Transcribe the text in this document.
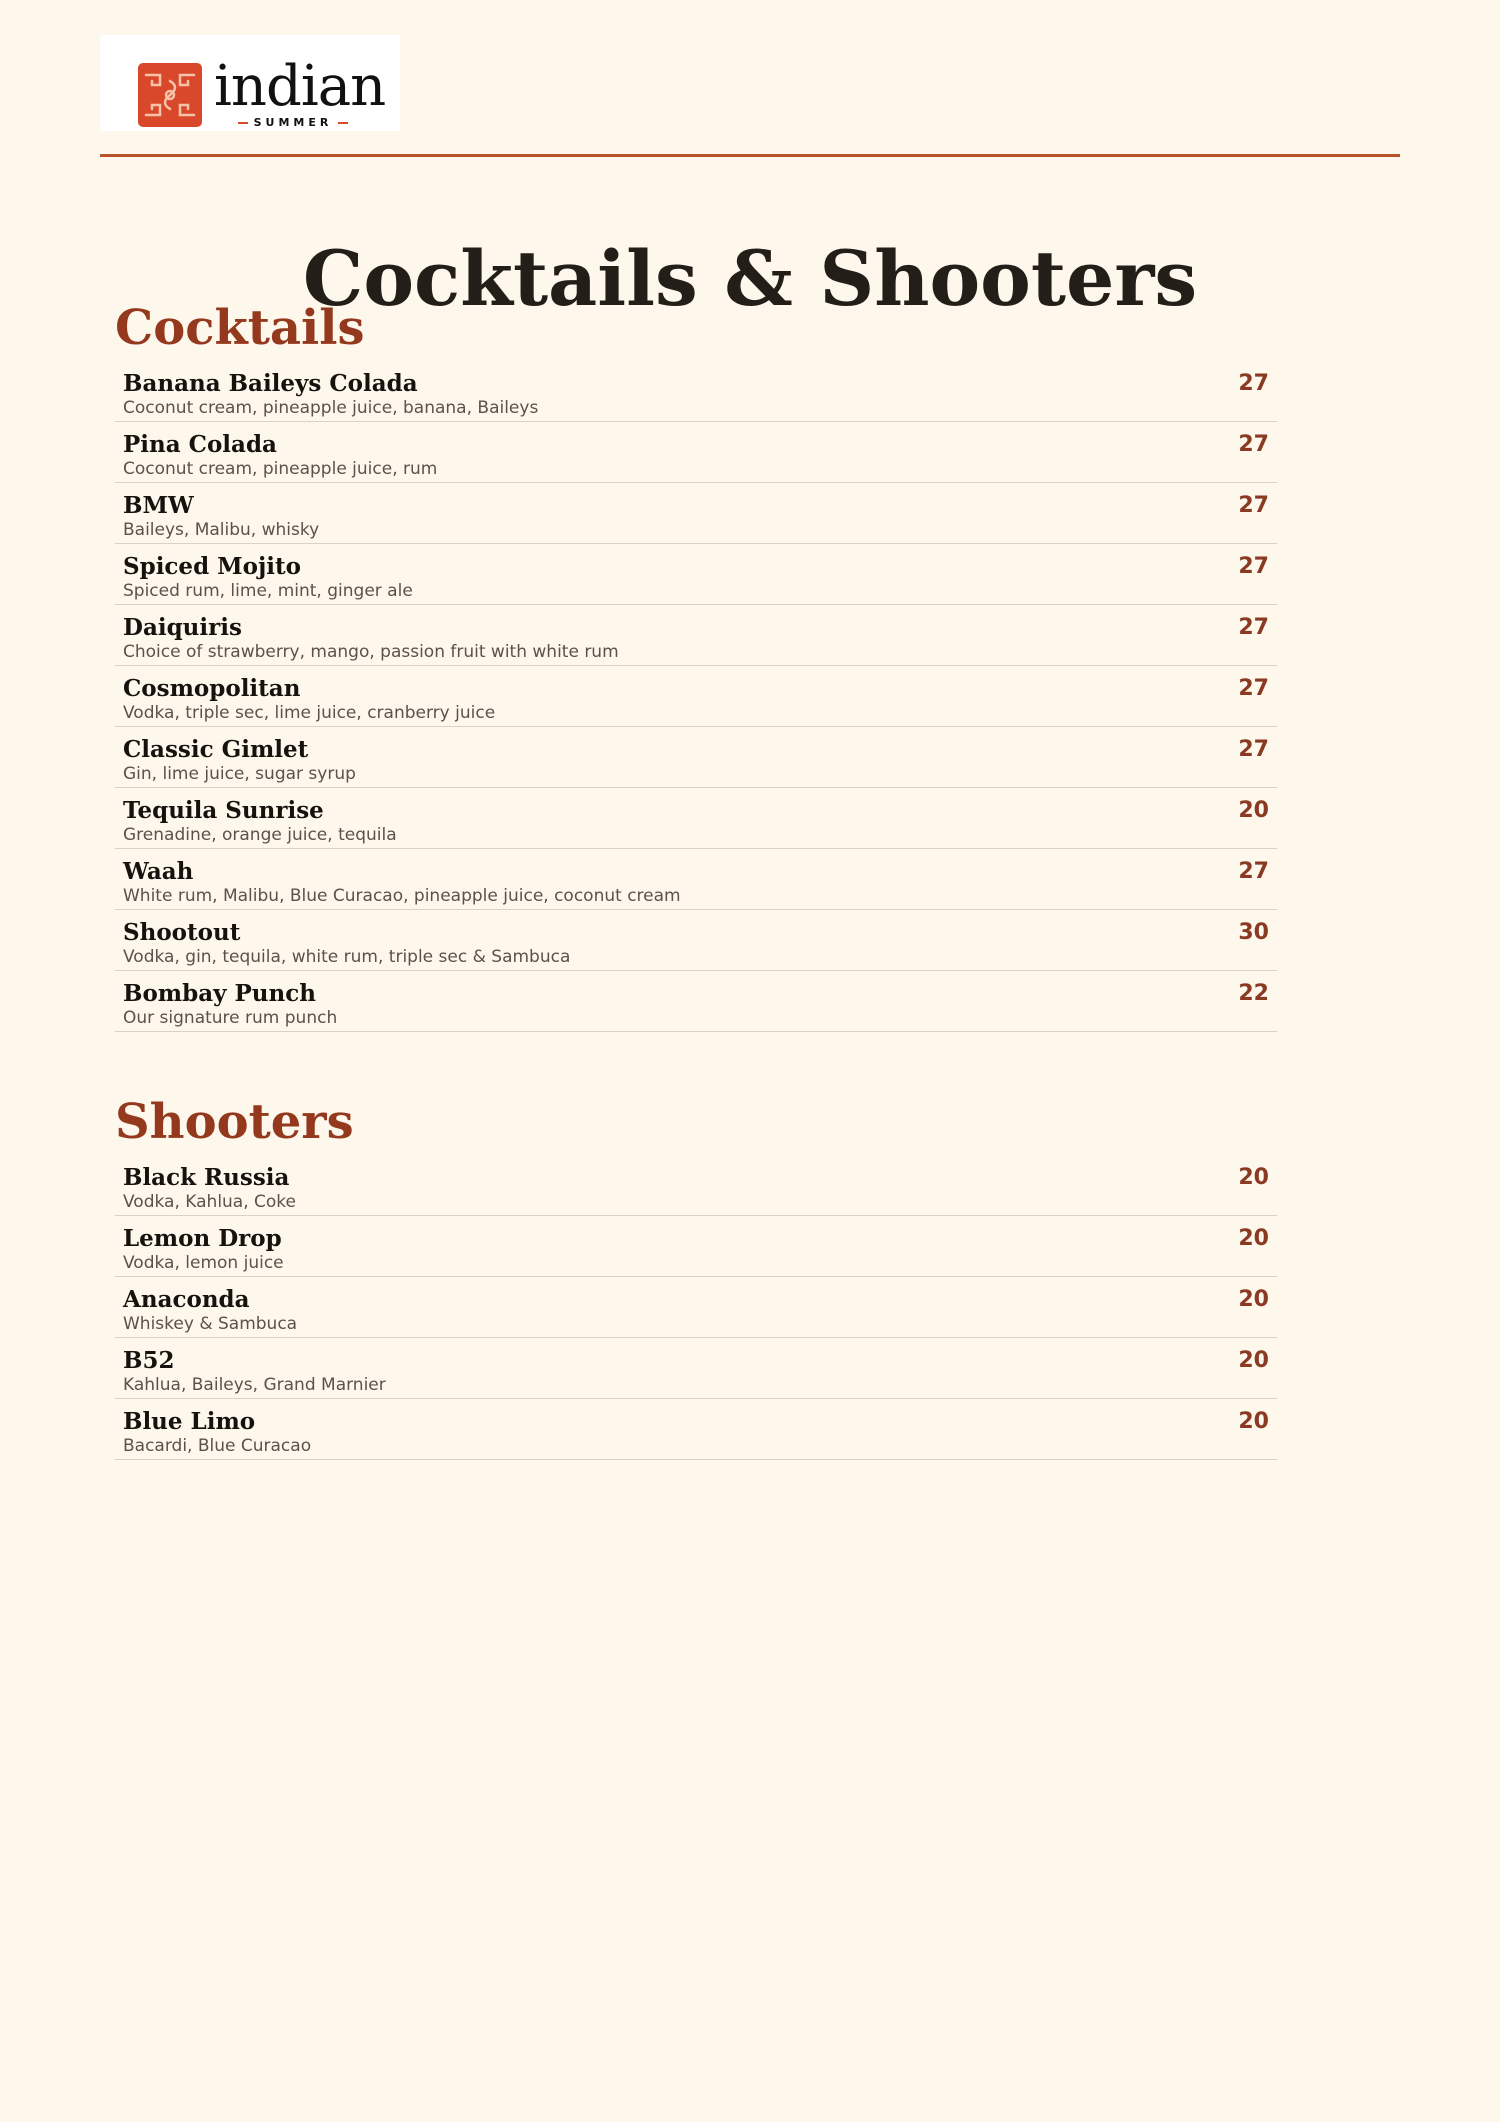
indian
SUMMER
Cocktails & Shooters
Cocktails
Banana Baileys Colada
Coconut cream, pineapple juice, banana, Baileys
27
Pina Colada
Coconut cream, pineapple juice, rum
27
BMW
Baileys, Malibu, whisky
27
Spiced Mojito
Spiced rum, lime, mint, ginger ale
27
Daiquiris
Choice of strawberry, mango, passion fruit with white rum
27
Cosmopolitan
Vodka, triple sec, lime juice, cranberry juice
27
Classic Gimlet
Gin, lime juice, sugar syrup
27
Tequila Sunrise
Grenadine, orange juice, tequila
20
Waah
White rum, Malibu, Blue Curacao, pineapple juice, coconut cream
27
Shootout
Vodka, gin, tequila, white rum, triple sec & Sambuca
30
Bombay Punch
Our signature rum punch
22
Shooters
Black Russia
Vodka, Kahlua, Coke
20
Lemon Drop
Vodka, lemon juice
20
Anaconda
Whiskey & Sambuca
20
B52
Kahlua, Baileys, Grand Marnier
20
Blue Limo
Bacardi, Blue Curacao
20
